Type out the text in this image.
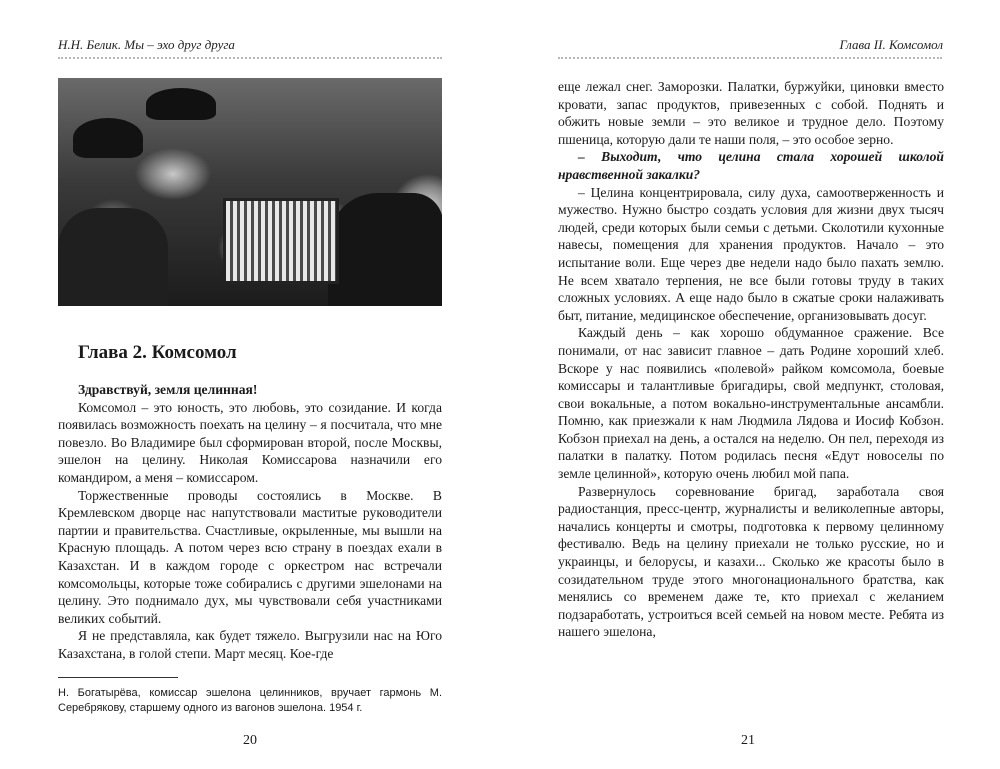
Н.Н. Белик. Мы – эхо друг друга
Глава 2. Комсомол

Здравствуй, земля целинная!

Комсомол – это юность, это любовь, это созидание. И когда появилась возможность поехать на целину – я посчитала, что мне повезло. Во Владимире был сформирован второй, после Москвы, эшелон на целину. Николая Комиссарова назначили его командиром, а меня – комиссаром.

Торжественные проводы состоялись в Москве. В Кремлевском дворце нас напутствовали маститые руководители партии и правительства. Счастливые, окрыленные, мы вышли на Красную площадь. А потом через всю страну в поездах ехали в Казахстан. И в каждом городе с оркестром нас встречали комсомольцы, которые тоже собирались с другими эшелонами на целину. Это поднимало дух, мы чувствовали себя участниками великих событий.

Я не представляла, как будет тяжело. Выгрузили нас на Юго Казахстана, в голой степи. Март месяц. Кое-где

Н. Богатырёва, комиссар эшелона целинников, вручает гармонь М. Серебрякову, старшему одного из вагонов эшелона. 1954 г.
20
Глава II. Комсомол

еще лежал снег. Заморозки. Палатки, буржуйки, циновки вместо кровати, запас продуктов, привезенных с собой. Поднять и обжить новые земли – это великое и трудное дело. Поэтому пшеница, которую дали те наши поля, – это особое зерно.

– Выходит, что целина стала хорошей школой нравственной закалки?

– Целина концентрировала, силу духа, самоотверженность и мужество. Нужно быстро создать условия для жизни двух тысяч людей, среди которых были семьи с детьми. Сколотили кухонные навесы, помещения для хранения продуктов. Начало – это испытание воли. Еще через две недели надо было пахать землю. Не всем хватало терпения, не все были готовы труду в таких сложных условиях. А еще надо было в сжатые сроки налаживать быт, питание, медицинское обеспечение, организовывать досуг.

Каждый день – как хорошо обдуманное сражение. Все понимали, от нас зависит главное – дать Родине хороший хлеб. Вскоре у нас появились «полевой» райком комсомола, боевые комиссары и талантливые бригадиры, свой медпункт, столовая, свои вокальные, а потом вокально-инструментальные ансамбли. Помню, как приезжали к нам Людмила Лядова и Иосиф Кобзон. Кобзон приехал на день, а остался на неделю. Он пел, переходя из палатки в палатку. Потом родилась песня «Едут новоселы по земле целинной», которую очень любил мой папа.

Развернулось соревнование бригад, заработала своя радиостанция, пресс-центр, журналисты и великолепные авторы, начались концерты и смотры, подготовка к первому целинному фестивалю. Ведь на целину приехали не только русские, но и украинцы, и белорусы, и казахи... Сколько же красоты было в созидательном труде этого многонационального братства, как менялись со временем даже те, кто приехал с желанием подзаработать, устроиться всей семьей на новом месте. Ребята из нашего эшелона,

21
